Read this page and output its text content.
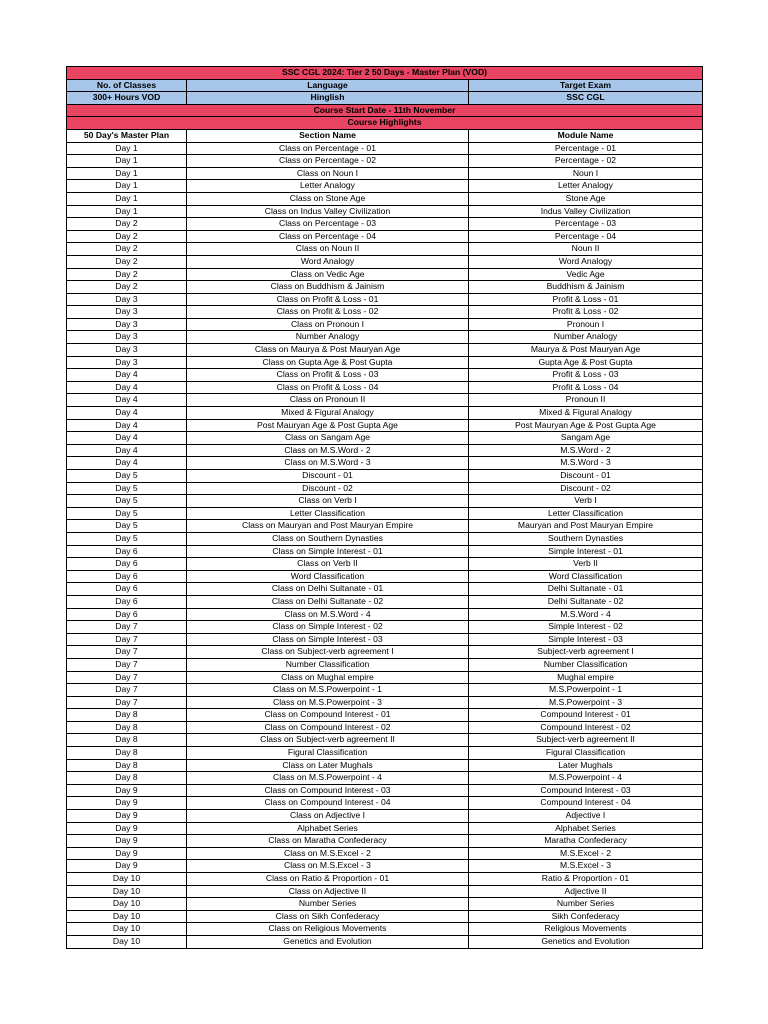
SSC CGL 2024: Tier 2 50 Days - Master Plan (VOD)		
No. of Classes	Language	Target Exam
300+ Hours VOD	Hinglish	SSC CGL
Course Start Date - 11th November		
Course Highlights		
50 Day's Master Plan	Section Name	Module Name
Day 1	Class on Percentage - 01	Percentage - 01
Day 1	Class on Percentage - 02	Percentage - 02
Day 1	Class on Noun I	Noun I
Day 1	Letter Analogy	Letter Analogy
Day 1	Class on Stone Age	Stone Age
Day 1	Class on Indus Valley Civilization	Indus Valley Civilization
Day 2	Class on Percentage - 03	Percentage - 03
Day 2	Class on Percentage - 04	Percentage - 04
Day 2	Class on Noun II	Noun II
Day 2	Word Analogy	Word Analogy
Day 2	Class on Vedic Age	Vedic Age
Day 2	Class on Buddhism & Jainism	Buddhism & Jainism
Day 3	Class on Profit & Loss - 01	Profit & Loss - 01
Day 3	Class on Profit & Loss - 02	Profit & Loss - 02
Day 3	Class on Pronoun I	Pronoun I
Day 3	Number Analogy	Number Analogy
Day 3	Class on Maurya & Post Mauryan Age	Maurya & Post Mauryan Age
Day 3	Class on Gupta Age & Post Gupta	Gupta Age & Post Gupta
Day 4	Class on Profit & Loss - 03	Profit & Loss - 03
Day 4	Class on Profit & Loss - 04	Profit & Loss - 04
Day 4	Class on Pronoun II	Pronoun II
Day 4	Mixed & Figural Analogy	Mixed & Figural Analogy
Day 4	Post Mauryan Age & Post Gupta Age	Post Mauryan Age & Post Gupta Age
Day 4	Class on Sangam Age	Sangam Age
Day 4	Class on M.S.Word - 2	M.S.Word - 2
Day 4	Class on M.S.Word - 3	M.S.Word - 3
Day 5	Discount - 01	Discount - 01
Day 5	Discount - 02	Discount - 02
Day 5	Class on Verb I	Verb I
Day 5	Letter Classification	Letter Classification
Day 5	Class on Mauryan and Post Mauryan Empire	Mauryan and Post Mauryan Empire
Day 5	Class on Southern Dynasties	Southern Dynasties
Day 6	Class on Simple Interest - 01	Simple Interest - 01
Day 6	Class on Verb II	Verb II
Day 6	Word Classification	Word Classification
Day 6	Class on Delhi Sultanate - 01	Delhi Sultanate - 01
Day 6	Class on Delhi Sultanate - 02	Delhi Sultanate - 02
Day 6	Class on M.S.Word - 4	M.S.Word - 4
Day 7	Class on Simple Interest - 02	Simple Interest - 02
Day 7	Class on Simple Interest - 03	Simple Interest - 03
Day 7	Class on Subject-verb agreement I	Subject-verb agreement I
Day 7	Number Classification	Number Classification
Day 7	Class on Mughal empire	Mughal empire
Day 7	Class on M.S.Powerpoint - 1	M.S.Powerpoint - 1
Day 7	Class on M.S.Powerpoint - 3	M.S.Powerpoint - 3
Day 8	Class on Compound Interest - 01	Compound Interest - 01
Day 8	Class on Compound Interest - 02	Compound Interest - 02
Day 8	Class on Subject-verb agreement II	Subject-verb agreement II
Day 8	Figural Classification	Figural Classification
Day 8	Class on Later Mughals	Later Mughals
Day 8	Class on M.S.Powerpoint - 4	M.S.Powerpoint - 4
Day 9	Class on Compound Interest - 03	Compound Interest - 03
Day 9	Class on Compound Interest - 04	Compound Interest - 04
Day 9	Class on Adjective I	Adjective I
Day 9	Alphabet Series	Alphabet Series
Day 9	Class on Maratha Confederacy	Maratha Confederacy
Day 9	Class on M.S.Excel - 2	M.S.Excel - 2
Day 9	Class on M.S.Excel - 3	M.S.Excel - 3
Day 10	Class on Ratio & Proportion - 01	Ratio & Proportion - 01
Day 10	Class on Adjective II	Adjective II
Day 10	Number Series	Number Series
Day 10	Class on Sikh Confederacy	Sikh Confederacy
Day 10	Class on Religious Movements	Religious Movements
Day 10	Genetics and Evolution	Genetics and Evolution
